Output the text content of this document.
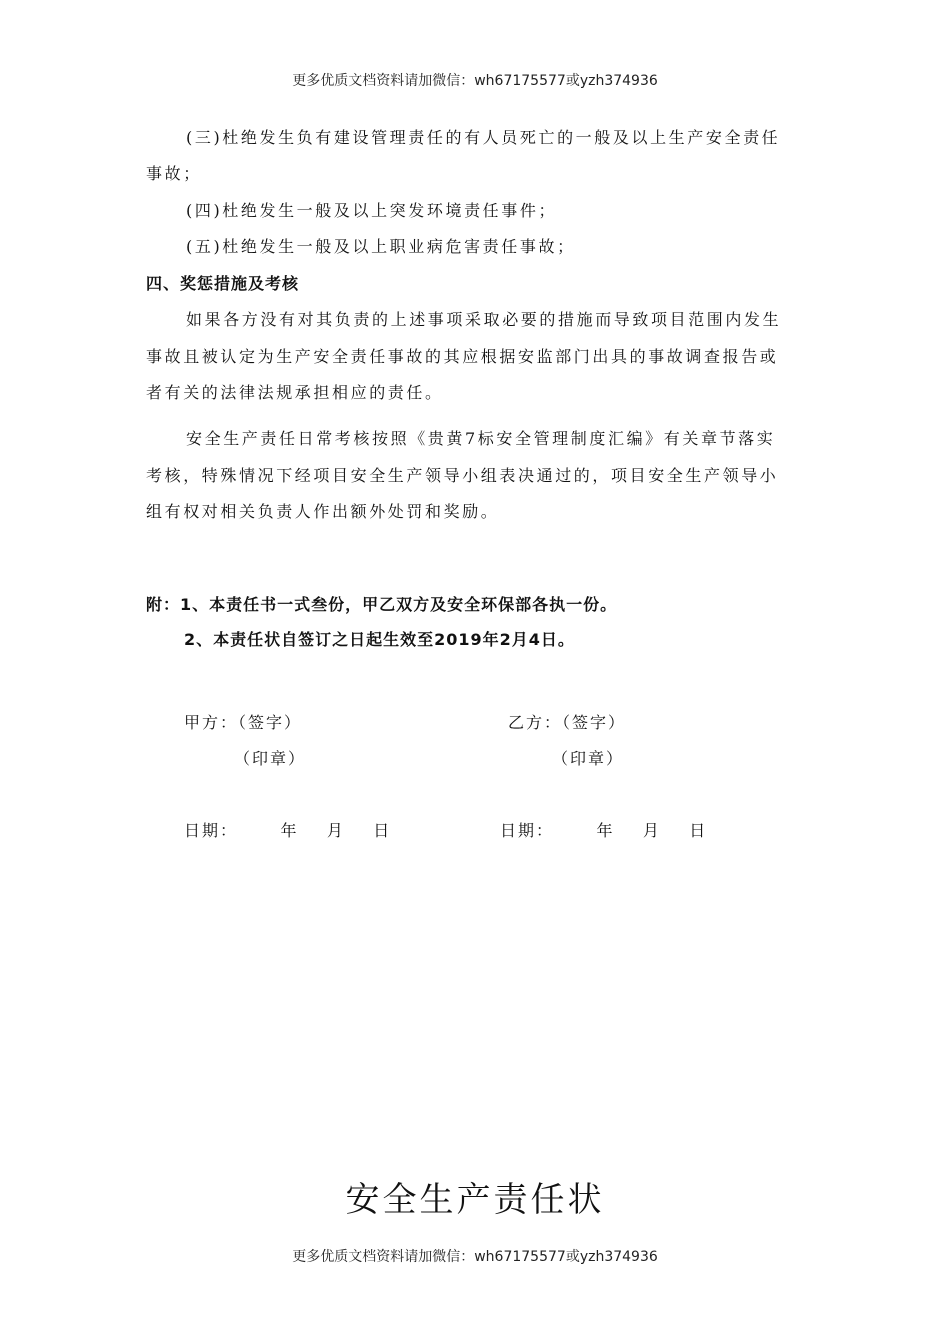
更多优质文档资料请加微信：wh67175577或yzh374936
(三)杜绝发生负有建设管理责任的有人员死亡的一般及以上生产安全责任
事故；
(四)杜绝发生一般及以上突发环境责任事件；
(五)杜绝发生一般及以上职业病危害责任事故；
四、奖惩措施及考核
如果各方没有对其负责的上述事项采取必要的措施而导致项目范围内发生
事故且被认定为生产安全责任事故的其应根据安监部门出具的事故调查报告或
者有关的法律法规承担相应的责任。
安全生产责任日常考核按照《贵黄7标安全管理制度汇编》有关章节落实
考核，特殊情况下经项目安全生产领导小组表决通过的，项目安全生产领导小
组有权对相关负责人作出额外处罚和奖励。
附：1、本责任书一式叁份，甲乙双方及安全环保部各执一份。
2、本责任状自签订之日起生效至2019年2月4日。
甲方：（签字）
（印章）
乙方：（签字）
（印章）
日期：      年    月    日	日期：      年    月    日
安全生产责任状
更多优质文档资料请加微信：wh67175577或yzh374936
